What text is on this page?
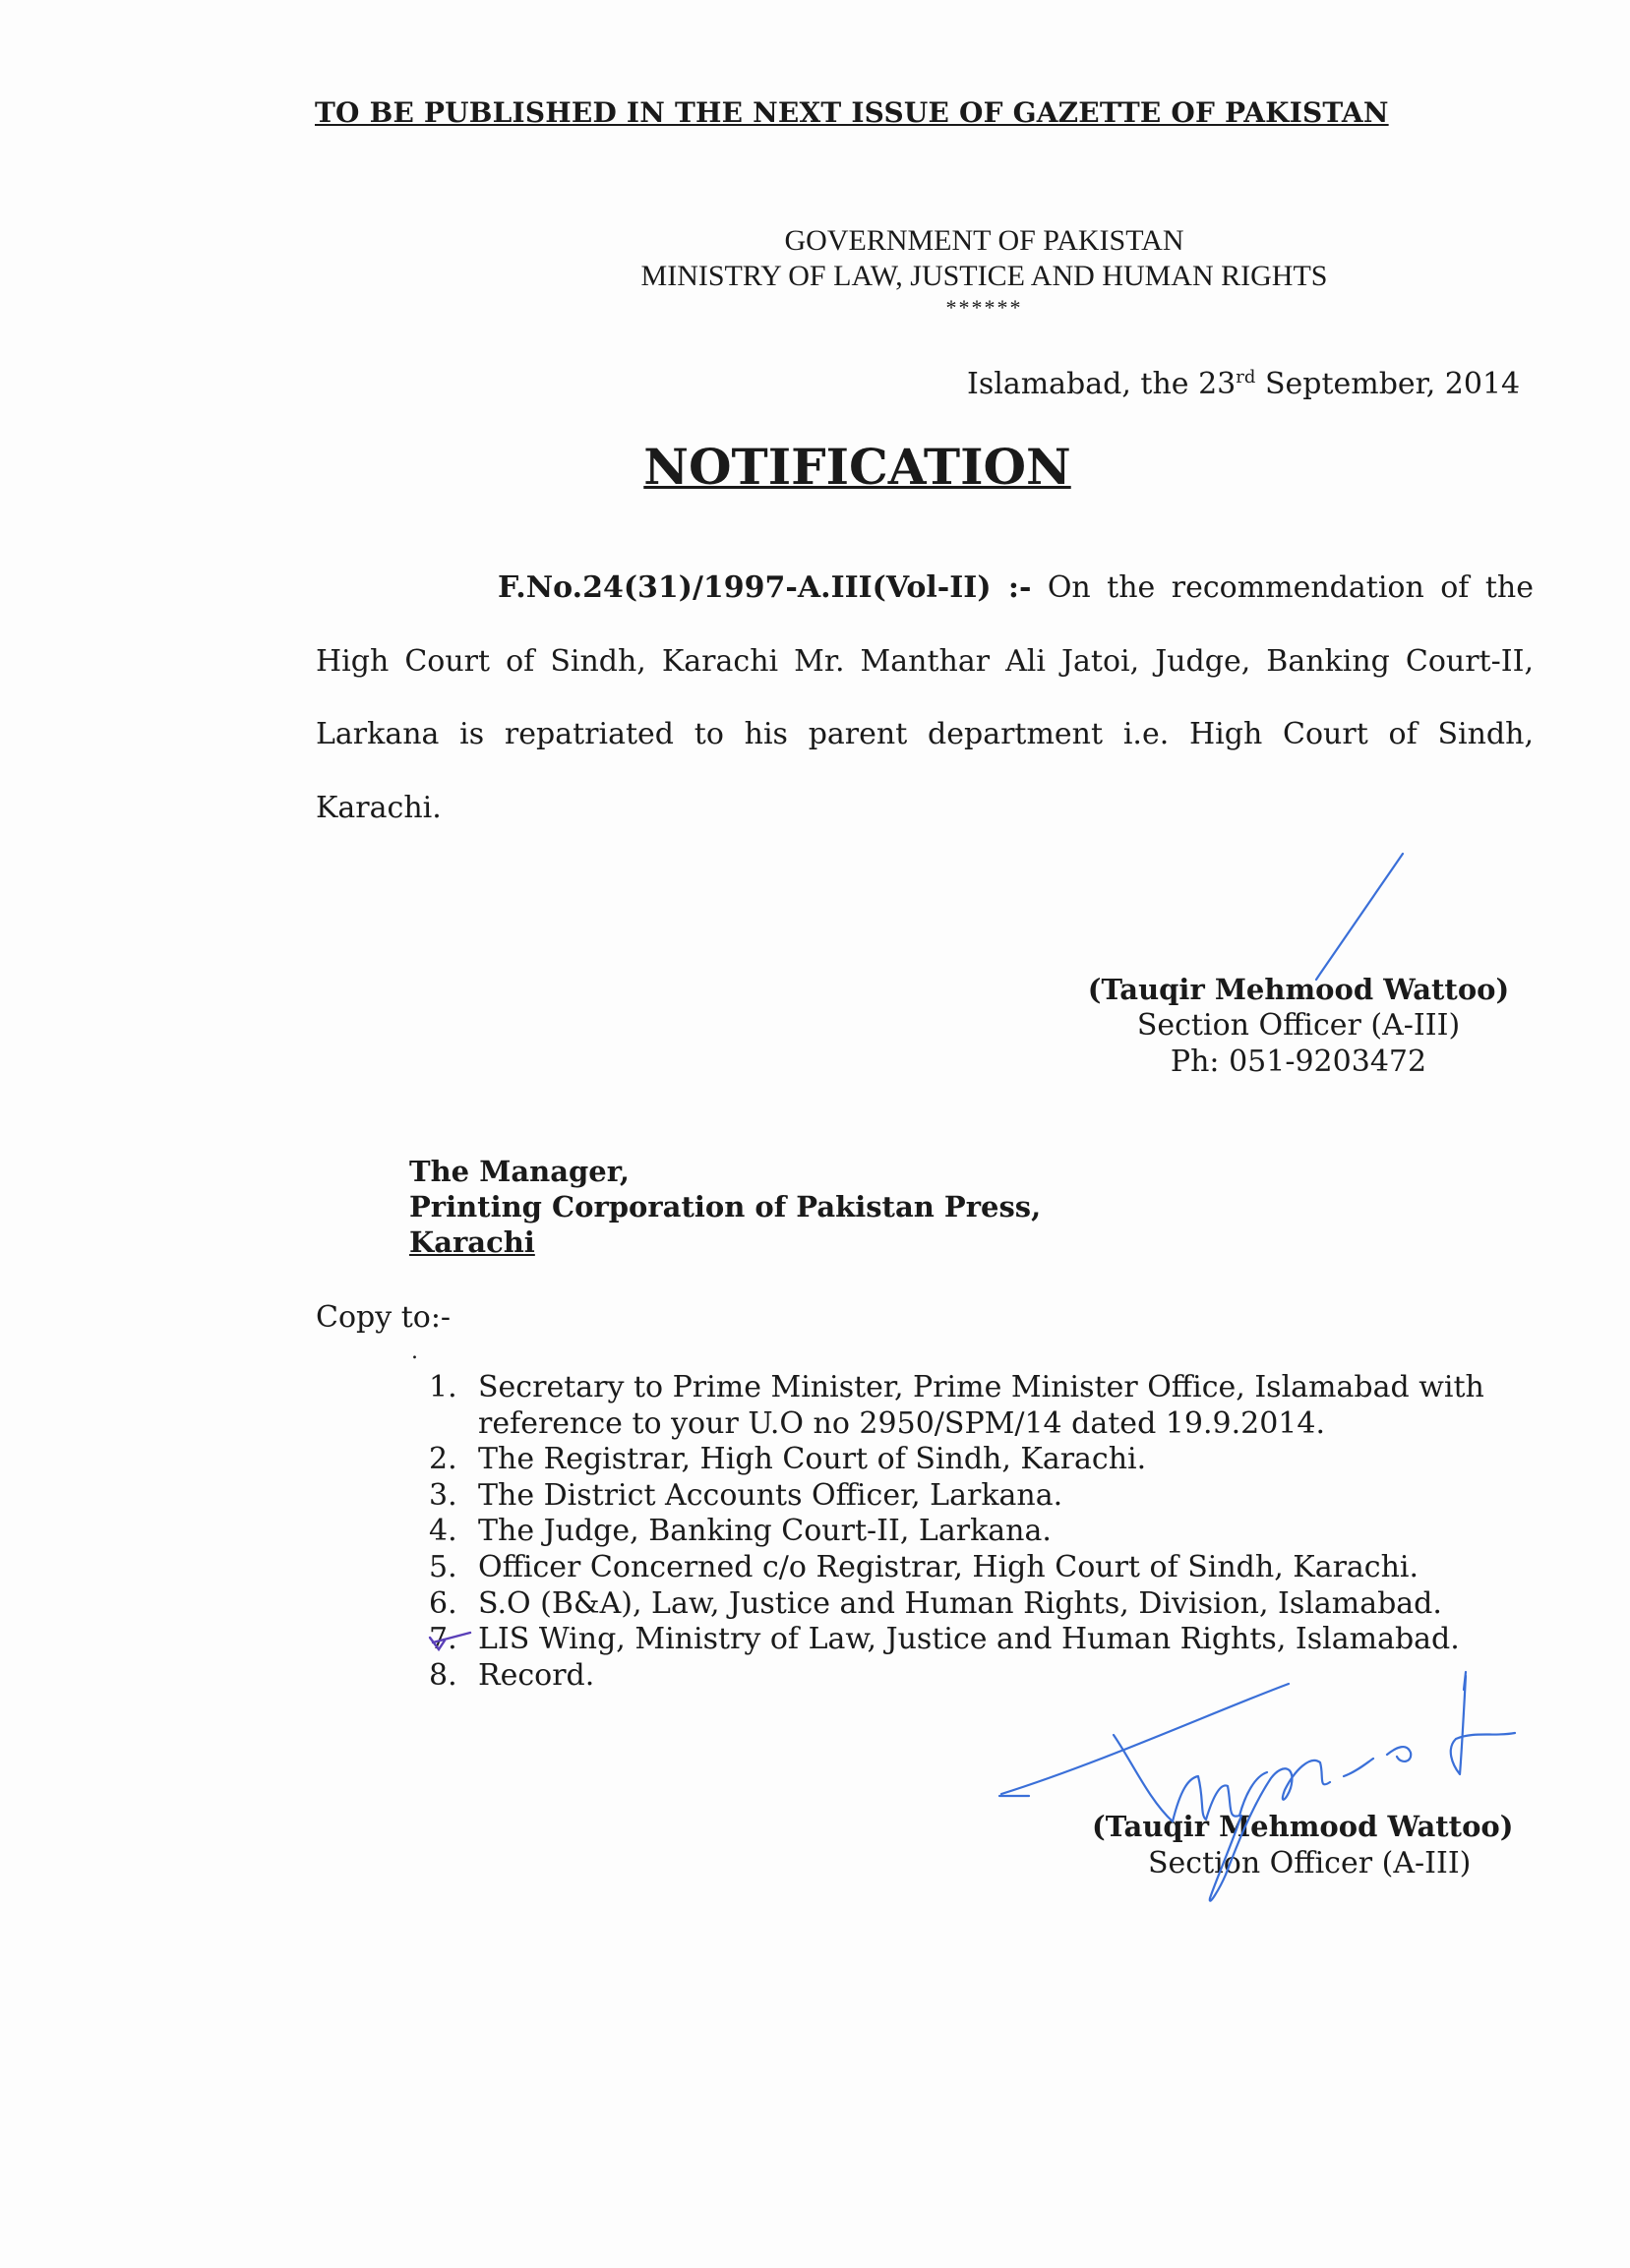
TO BE PUBLISHED IN THE NEXT ISSUE OF GAZETTE OF PAKISTAN
GOVERNMENT OF PAKISTAN
MINISTRY OF LAW, JUSTICE AND HUMAN RIGHTS
******
Islamabad, the 23rd September, 2014
NOTIFICATION
F.No.24(31)/1997-A.III(Vol-II) :- On the recommendation of the
High Court of Sindh, Karachi Mr. Manthar Ali Jatoi, Judge, Banking Court-II,
Larkana is repatriated to his parent department i.e. High Court of Sindh,
Karachi.
(Tauqir Mehmood Wattoo)
Section Officer (A-III)
Ph: 051-9203472
The Manager,
Printing Corporation of Pakistan Press,
Karachi
Copy to:-
.
1. Secretary to Prime Minister, Prime Minister Office, Islamabad with
reference to your U.O no 2950/SPM/14 dated 19.9.2014.
2. The Registrar, High Court of Sindh, Karachi.
3. The District Accounts Officer, Larkana.
4. The Judge, Banking Court-II, Larkana.
5. Officer Concerned c/o Registrar, High Court of Sindh, Karachi.
6. S.O (B&A), Law, Justice and Human Rights, Division, Islamabad.
7. LIS Wing, Ministry of Law, Justice and Human Rights, Islamabad.
8. Record.
(Tauqir Mehmood Wattoo)
Section Officer (A-III)
